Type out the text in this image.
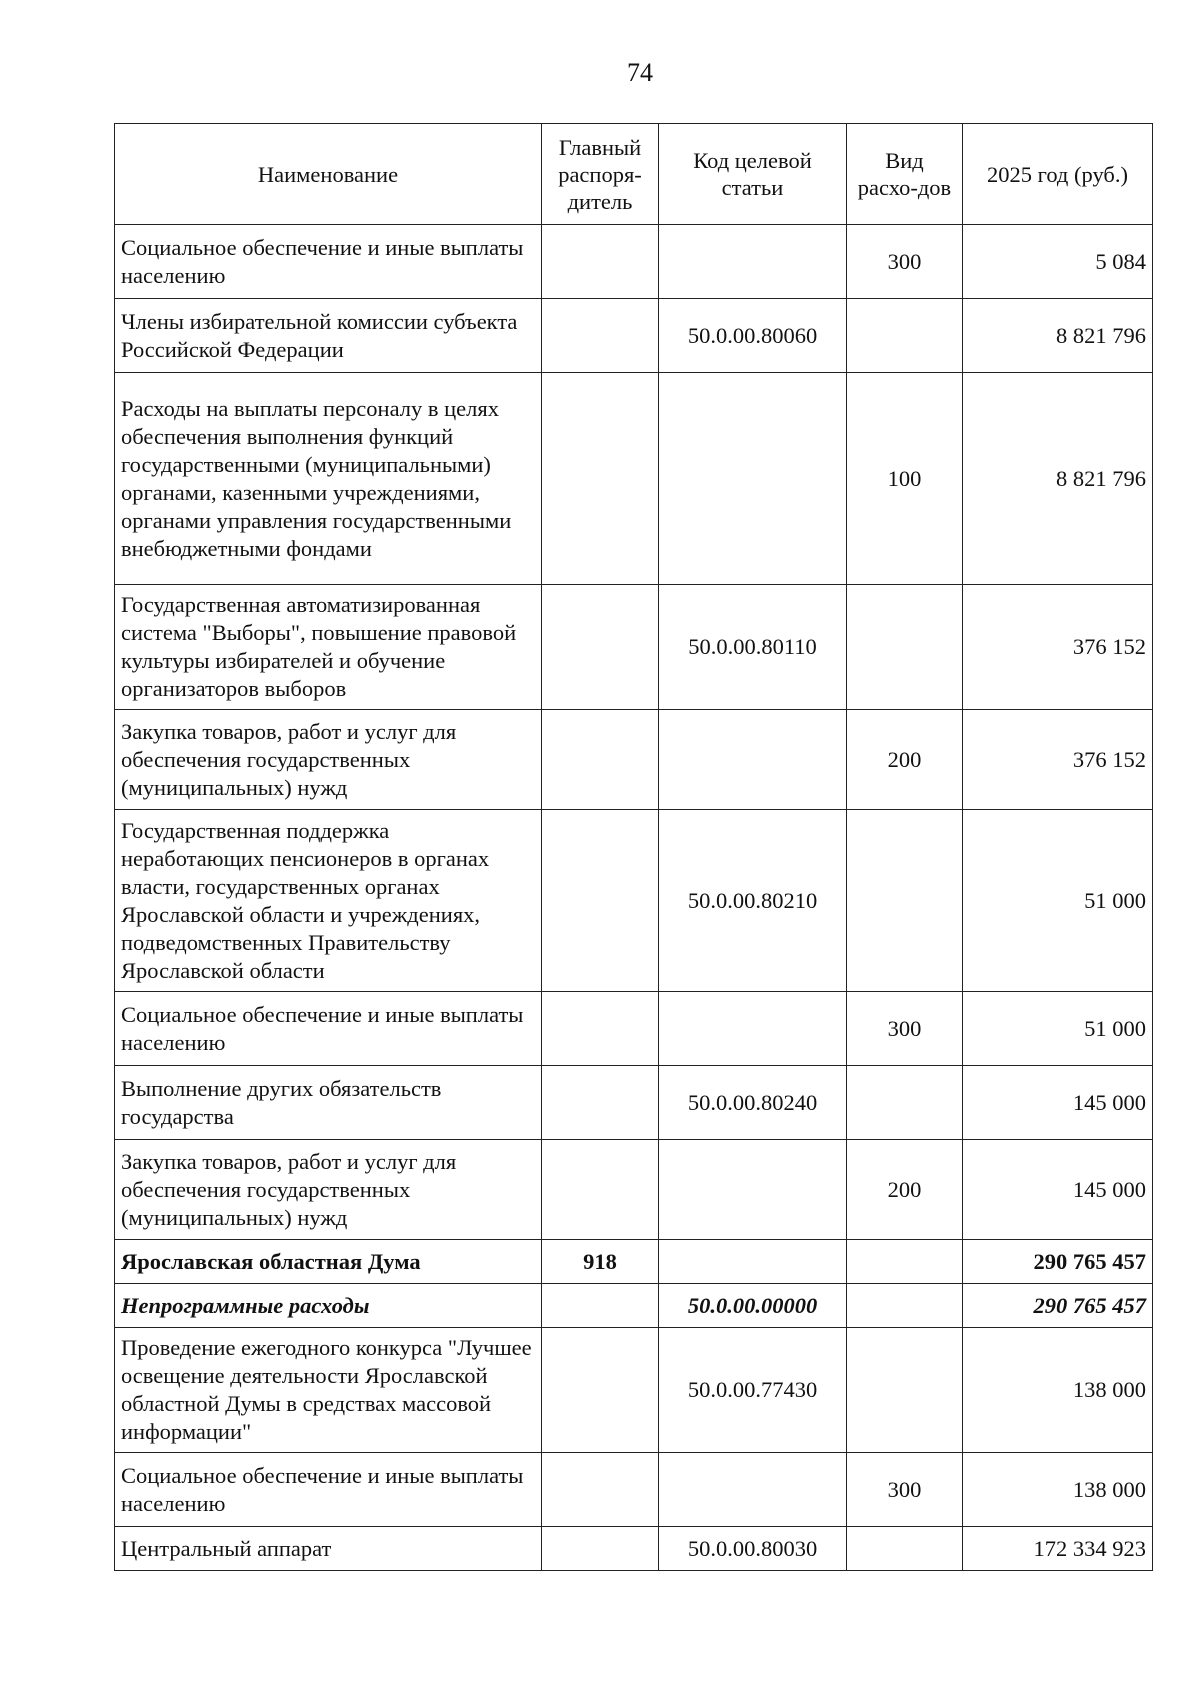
74
Наименование	Главный распоря-дитель	Код целевой статьи	Вид расхо-дов	2025 год (руб.)
Социальное обеспечение и иные выплаты населению			300	5 084
Члены избирательной комиссии субъекта Российской Федерации		50.0.00.80060		8 821 796
Расходы на выплаты персоналу в целях обеспечения выполнения функций государственными (муниципальными) органами, казенными учреждениями, органами управления государственными внебюджетными фондами			100	8 821 796
Государственная автоматизированная система "Выборы", повышение правовой культуры избирателей и обучение организаторов выборов		50.0.00.80110		376 152
Закупка товаров, работ и услуг для обеспечения государственных (муниципальных) нужд			200	376 152
Государственная поддержка неработающих пенсионеров в органах власти, государственных органах Ярославской области и учреждениях, подведомственных Правительству Ярославской области		50.0.00.80210		51 000
Социальное обеспечение и иные выплаты населению			300	51 000
Выполнение других обязательств государства		50.0.00.80240		145 000
Закупка товаров, работ и услуг для обеспечения государственных (муниципальных) нужд			200	145 000
Ярославская областная Дума	918			290 765 457
Непрограммные расходы		50.0.00.00000		290 765 457
Проведение ежегодного конкурса "Лучшее освещение деятельности Ярославской областной Думы в средствах массовой информации"		50.0.00.77430		138 000
Социальное обеспечение и иные выплаты населению			300	138 000
Центральный аппарат		50.0.00.80030		172 334 923
